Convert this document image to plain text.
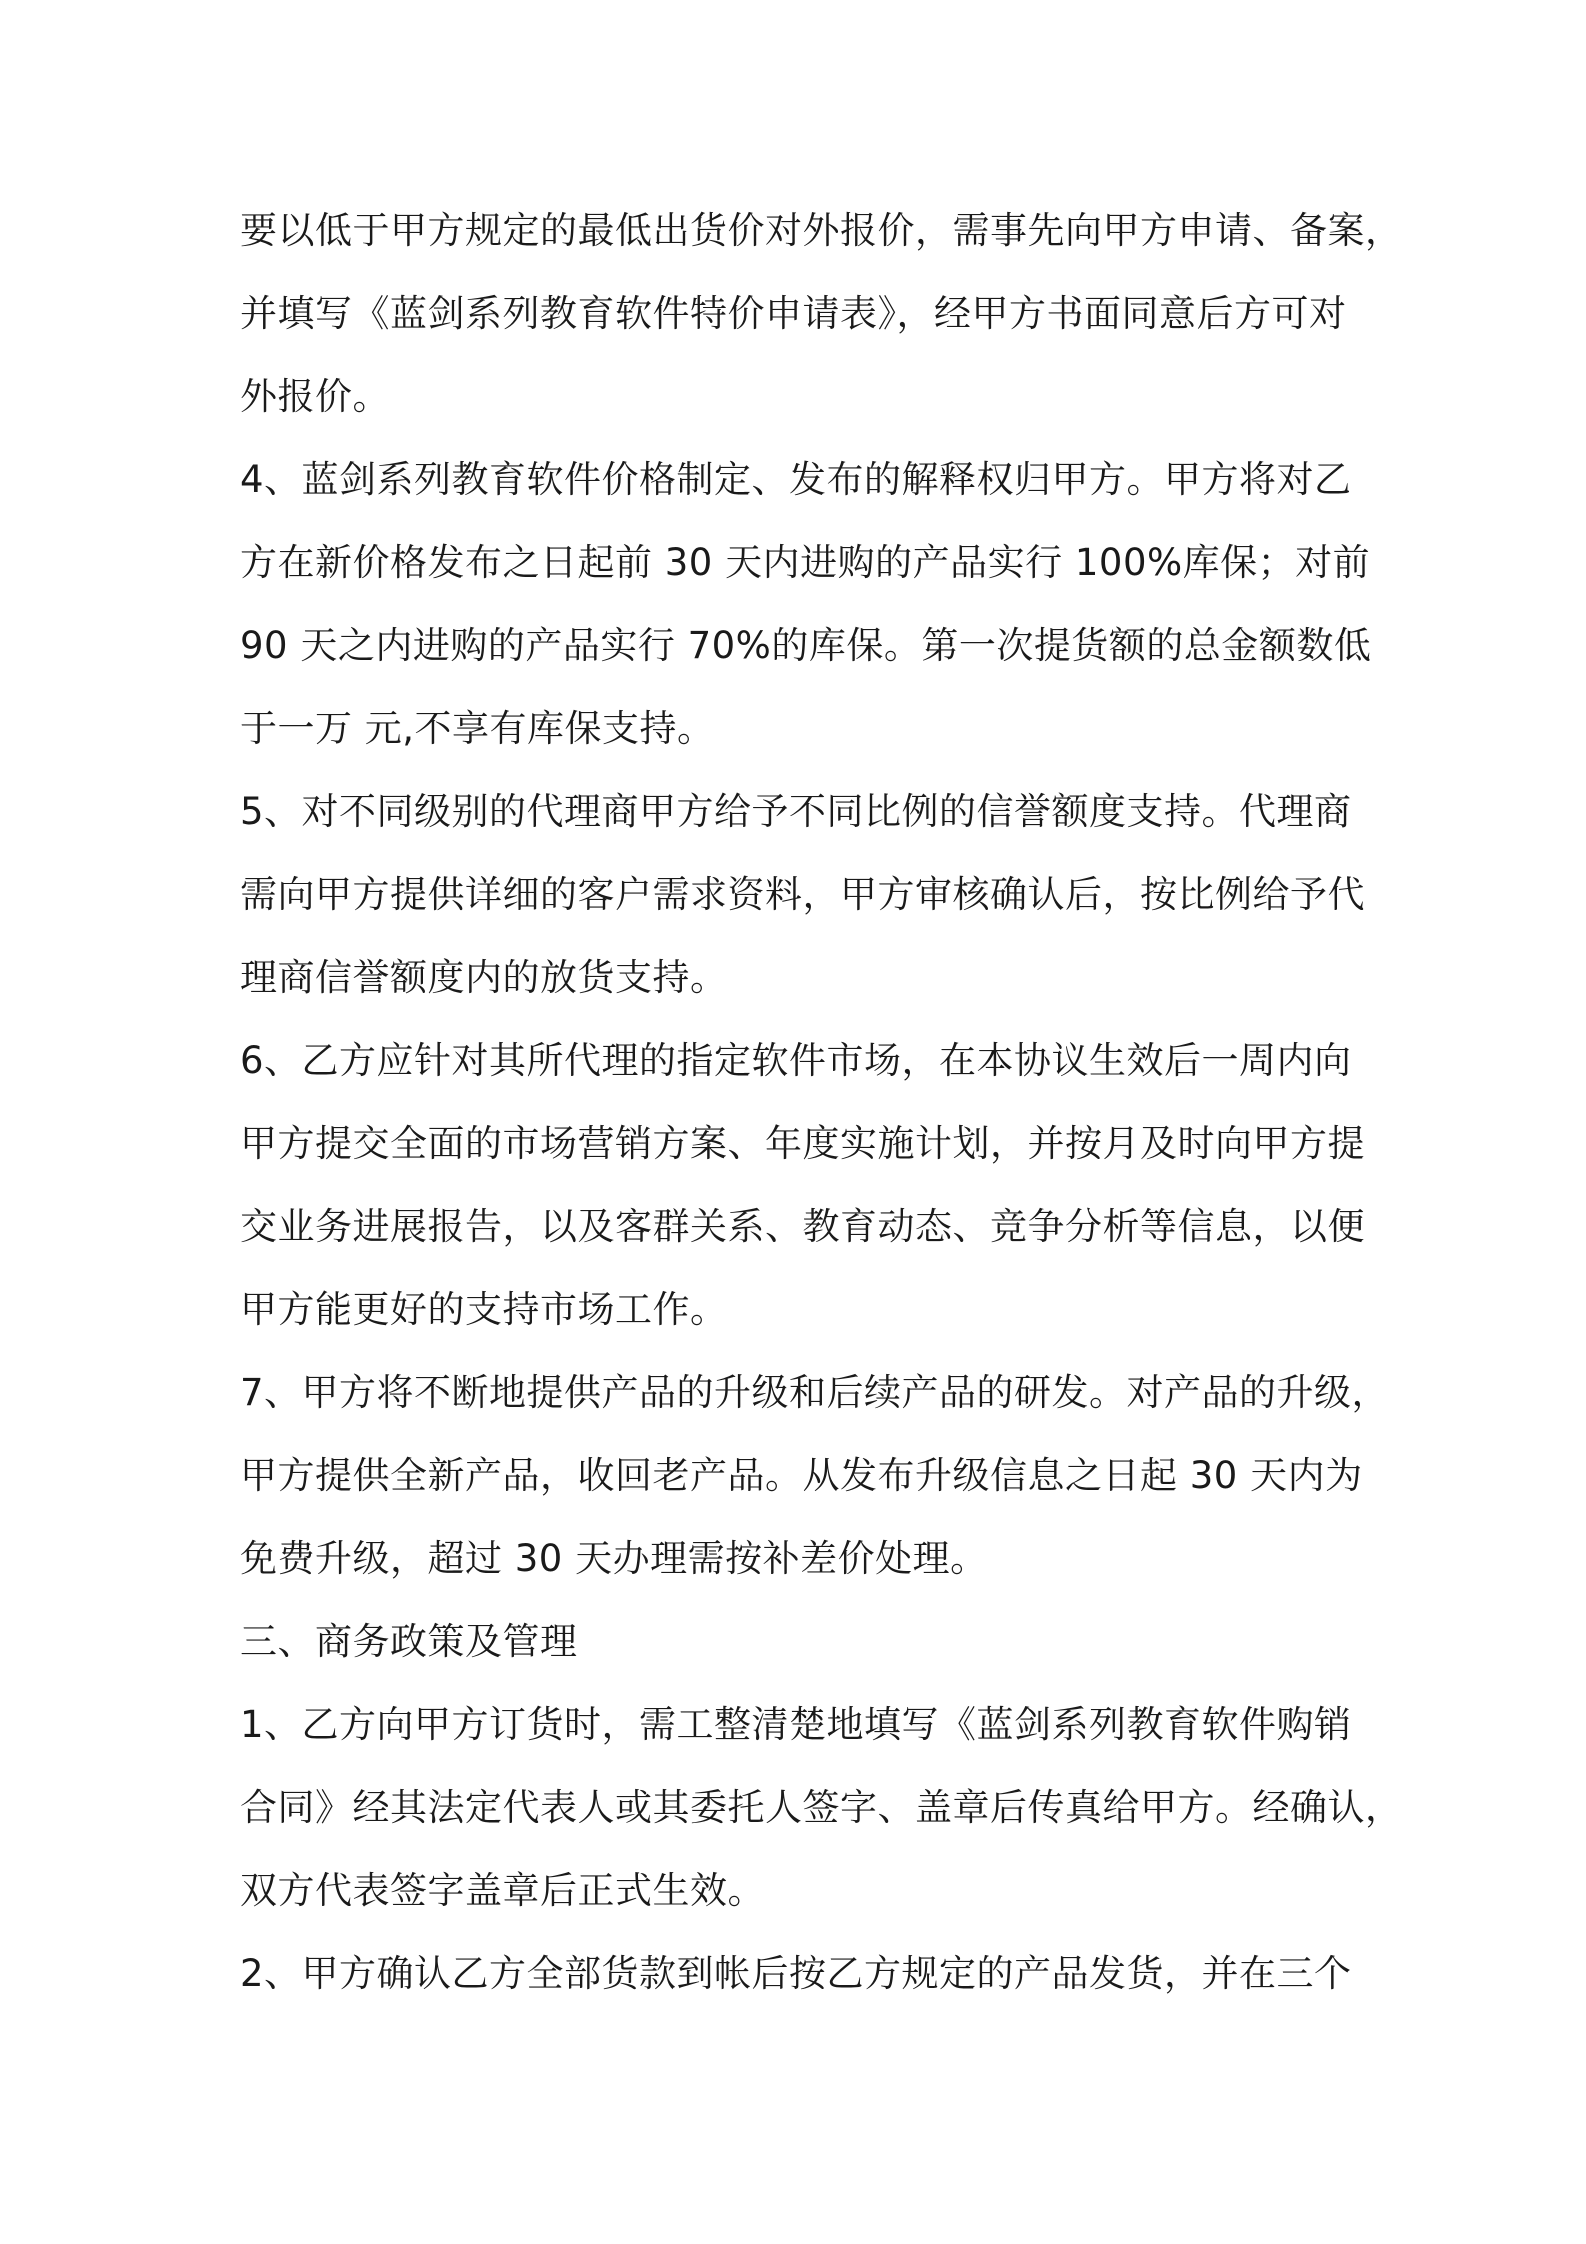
要以低于甲方规定的最低出货价对外报价，需事先向甲方申请、备案，
并填写《蓝剑系列教育软件特价申请表》，经甲方书面同意后方可对
外报价。
4、蓝剑系列教育软件价格制定、发布的解释权归甲方。甲方将对乙
方在新价格发布之日起前 30 天内进购的产品实行 100%库保；对前
90 天之内进购的产品实行 70%的库保。第一次提货额的总金额数低
于一万 元,不享有库保支持。
5、对不同级别的代理商甲方给予不同比例的信誉额度支持。代理商
需向甲方提供详细的客户需求资料，甲方审核确认后，按比例给予代
理商信誉额度内的放货支持。
6、乙方应针对其所代理的指定软件市场，在本协议生效后一周内向
甲方提交全面的市场营销方案、年度实施计划，并按月及时向甲方提
交业务进展报告，以及客群关系、教育动态、竞争分析等信息，以便
甲方能更好的支持市场工作。
7、甲方将不断地提供产品的升级和后续产品的研发。对产品的升级，
甲方提供全新产品，收回老产品。从发布升级信息之日起 30 天内为
免费升级，超过 30 天办理需按补差价处理。
三、商务政策及管理
1、乙方向甲方订货时，需工整清楚地填写《蓝剑系列教育软件购销
合同》经其法定代表人或其委托人签字、盖章后传真给甲方。经确认，
双方代表签字盖章后正式生效。
2、甲方确认乙方全部货款到帐后按乙方规定的产品发货，并在三个
